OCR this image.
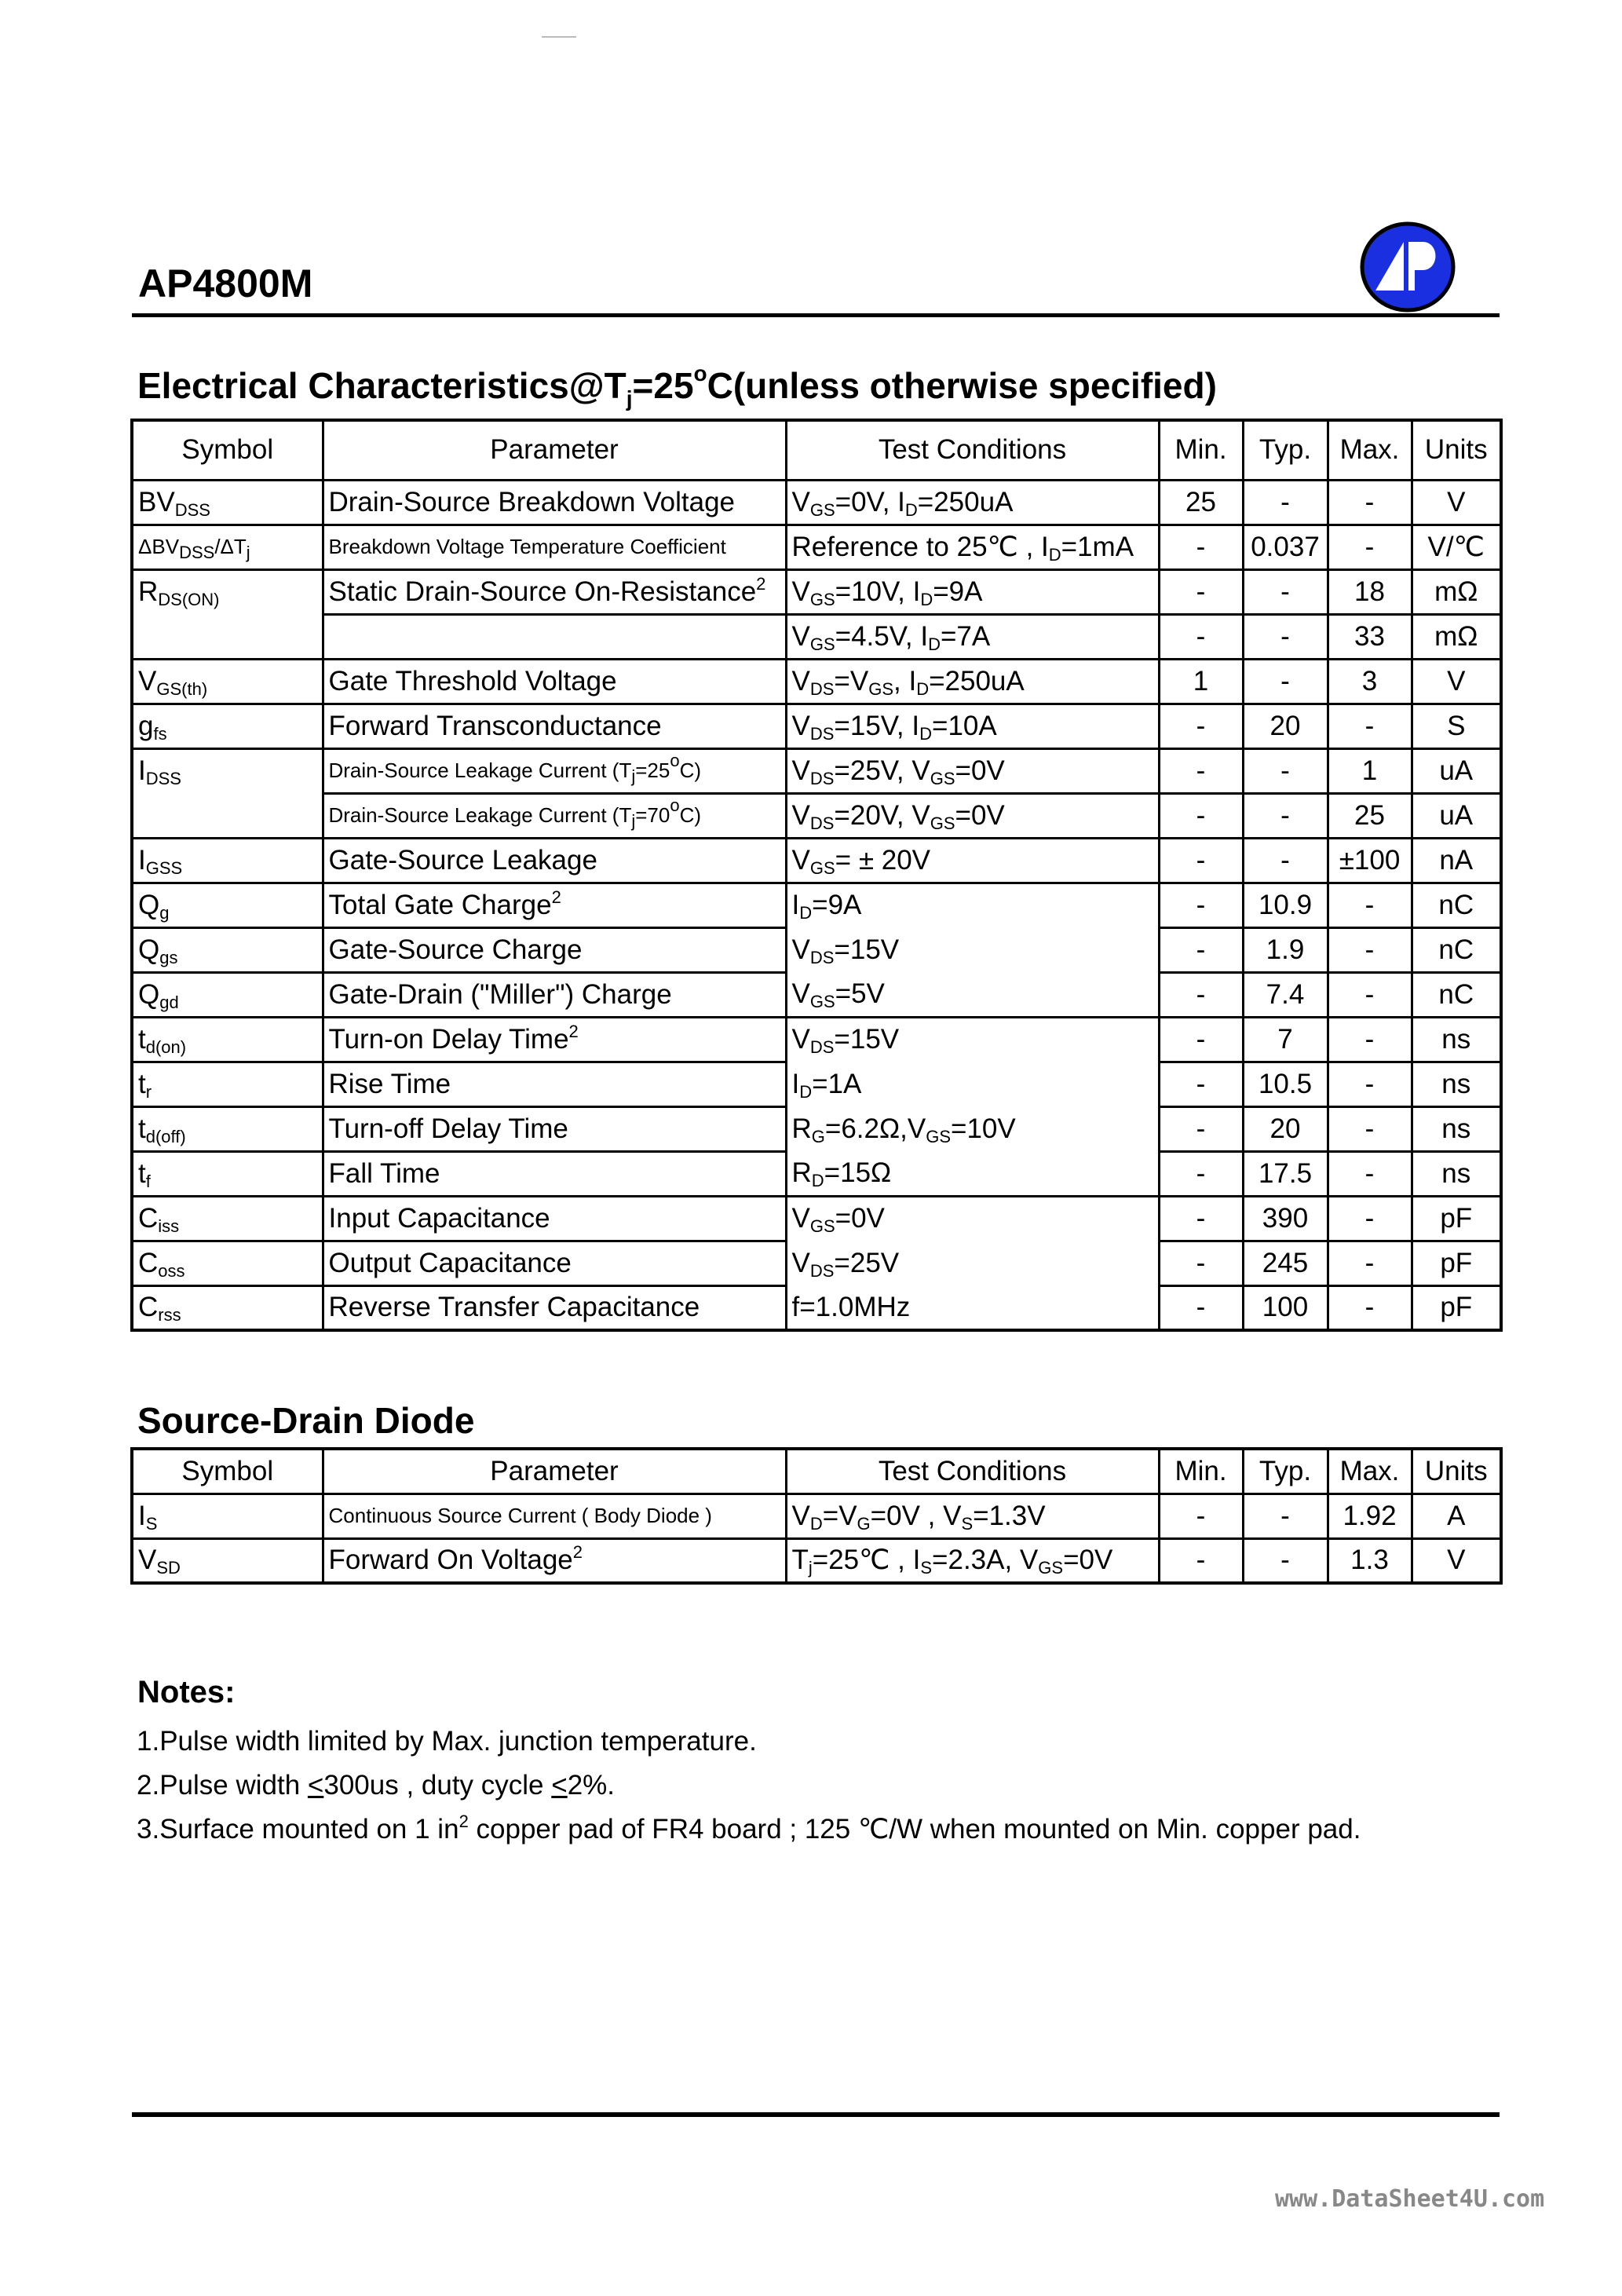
AP4800M
Electrical $Characteristics@T_j=25^oC(unless$ otherwise specified)
Symbol	Parameter	Test Conditions	Min.	Typ.	Max.	Units
$BV_{DSS}$	Drain-Source Breakdown Voltage	$V_{GS}=0V$, $I_D=250uA$	25	-	-	V
$\Delta BV_{DSS}/\Delta T_j$	Breakdown Voltage Temperature Coefficient	Reference to 25℃ , $I_D=1mA$	-	0.037	-	V/℃
$R_{DS(ON)}$	Static Drain-Source On-Resistance$^2$	$V_{GS}=10V$, $I_D=9A$	-	-	18	mΩ
		$V_{GS}=4.5V$, $I_D=7A$	-	-	33	mΩ
$V_{GS(th)}$	Gate Threshold Voltage	$V_{DS}=V_{GS}$, $I_D=250uA$	1	-	3	V
$g_{fs}$	Forward Transconductance	$V_{DS}=15V$, $I_D=10A$	-	20	-	S
$I_{DSS}$	Drain-Source Leakage Current $(T_j=25^oC)$	$V_{DS}=25V$, $V_{GS}=0V$	-	-	1	uA
	Drain-Source Leakage Current $(T_j=70^oC)$	$V_{DS}=20V$, $V_{GS}=0V$	-	-	25	uA
$I_{GSS}$	Gate-Source Leakage	$V_{GS}= \pm 20V$	-	-	±100	nA
$Q_g$	Total Gate Charge$^2$	$I_D=9A$	-	10.9	-	nC
$Q_{gs}$	Gate-Source Charge	$V_{DS}=15V$	-	1.9	-	nC
$Q_{gd}$	Gate-Drain ("Miller") Charge	$V_{GS}=5V$	-	7.4	-	nC
$t_{d(on)}$	Turn-on Delay Time$^2$	$V_{DS}=15V$	-	7	-	ns
$t_r$	Rise Time	$I_D=1A$	-	10.5	-	ns
$t_{d(off)}$	Turn-off Delay Time	$R_G=6.2\Omega,V_{GS}=10V$	-	20	-	ns
$t_f$	Fall Time	$R_D=15\Omega$	-	17.5	-	ns
$C_{iss}$	Input Capacitance	$V_{GS}=0V$	-	390	-	pF
$C_{oss}$	Output Capacitance	$V_{DS}=25V$	-	245	-	pF
$C_{rss}$	Reverse Transfer Capacitance	f=1.0MHz	-	100	-	pF
Source-Drain Diode
Symbol	Parameter	Test Conditions	Min.	Typ.	Max.	Units
$I_S$	Continuous Source Current ( Body Diode )	$V_D=V_G=0V$ , $V_S=1.3V$	-	-	1.92	A
$V_{SD}$	Forward On Voltage$^2$	$T_j=25℃$ , $I_S=2.3A$, $V_{GS}=0V$	-	-	1.3	V
Notes:
1.Pulse width limited by Max. junction temperature.
2.Pulse width <300us , duty cycle <2%.
3.Surface mounted on 1 $in^2$ copper pad of FR4 board ; 125 ℃/W when mounted on Min. copper pad.
www.DataSheet4U.com
